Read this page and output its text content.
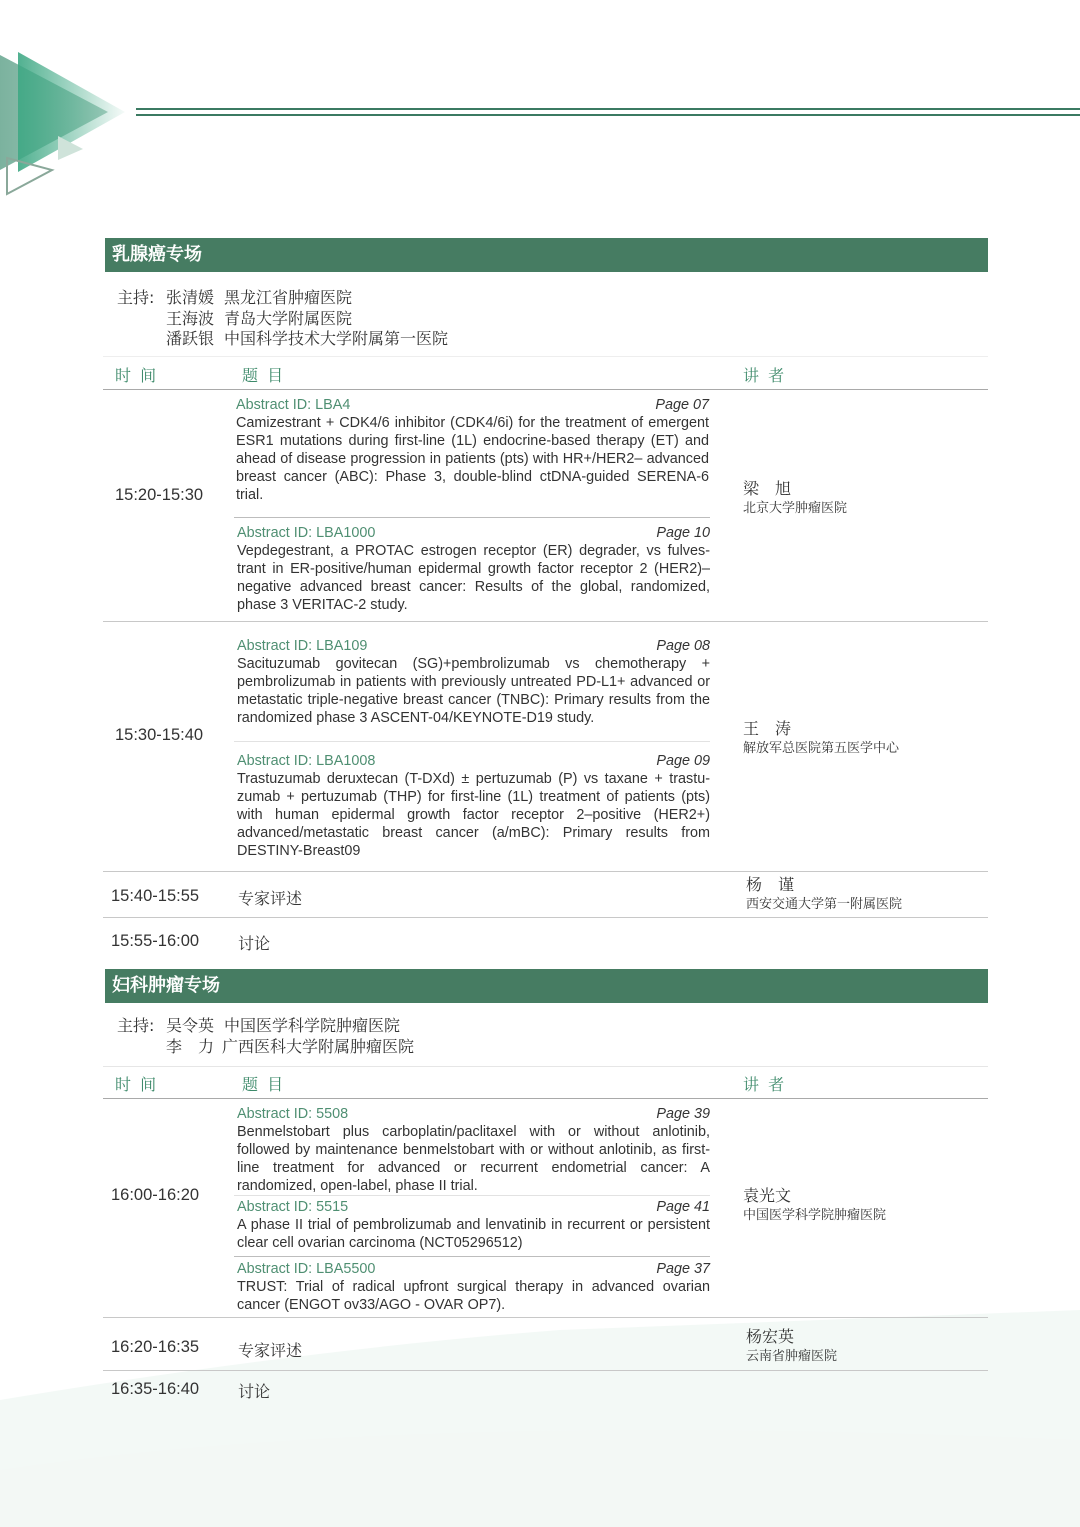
乳腺癌专场
主持: 张清媛 黑龙江省肿瘤医院
王海波 青岛大学附属医院
潘跃银 中国科学技术大学附属第一医院
时 间	题 目	讲 者
15:20-15:30
Abstract ID: LBA4	Page 07
Camizestrant + CDK4/6 inhibitor (CDK4/6i) for the treatment of emergent ESR1 mutations during first-line (1L) endocrine-based therapy (ET) and ahead of disease progression in patients (pts) with HR+/HER2– advanced breast cancer (ABC): Phase 3, double-blind ctDNA-guided SERENA-6 trial.
Abstract ID: LBA1000	Page 10
Vepdegestrant, a PROTAC estrogen receptor (ER) degrader, vs fulves-trant in ER-positive/human epidermal growth factor receptor 2 (HER2)–negative advanced breast cancer: Results of the global, randomized, phase 3 VERITAC-2 study.
梁　旭
北京大学肿瘤医院
15:30-15:40
Abstract ID: LBA109	Page 08
Sacituzumab govitecan (SG)+pembrolizumab vs chemotherapy + pembrolizumab in patients with previously untreated PD-L1+ advanced or metastatic triple-negative breast cancer (TNBC): Primary results from the randomized phase 3 ASCENT-04/KEYNOTE-D19 study.
Abstract ID: LBA1008	Page 09
Trastuzumab deruxtecan (T-DXd) ± pertuzumab (P) vs taxane + trastu-zumab + pertuzumab (THP) for first-line (1L) treatment of patients (pts) with human epidermal growth factor receptor 2–positive (HER2+) advanced/metastatic breast cancer (a/mBC): Primary results from DESTINY-Breast09
王　涛
解放军总医院第五医学中心
15:40-15:55 专家评述
杨　谨
西安交通大学第一附属医院
15:55-16:00 讨论
妇科肿瘤专场
主持: 吴令英 中国医学科学院肿瘤医院
李　力 广西医科大学附属肿瘤医院
时 间	题 目	讲 者
16:00-16:20
Abstract ID: 5508	Page 39
Benmelstobart plus carboplatin/paclitaxel with or without anlotinib, followed by maintenance benmelstobart with or without anlotinib, as first-line treatment for advanced or recurrent endometrial cancer: A randomized, open-label, phase II trial.
Abstract ID: 5515	Page 41
A phase II trial of pembrolizumab and lenvatinib in recurrent or persistent clear cell ovarian carcinoma (NCT05296512)
Abstract ID: LBA5500	Page 37
TRUST: Trial of radical upfront surgical therapy in advanced ovarian cancer (ENGOT ov33/AGO - OVAR OP7).
袁光文
中国医学科学院肿瘤医院
16:20-16:35 专家评述
杨宏英
云南省肿瘤医院
16:35-16:40 讨论
